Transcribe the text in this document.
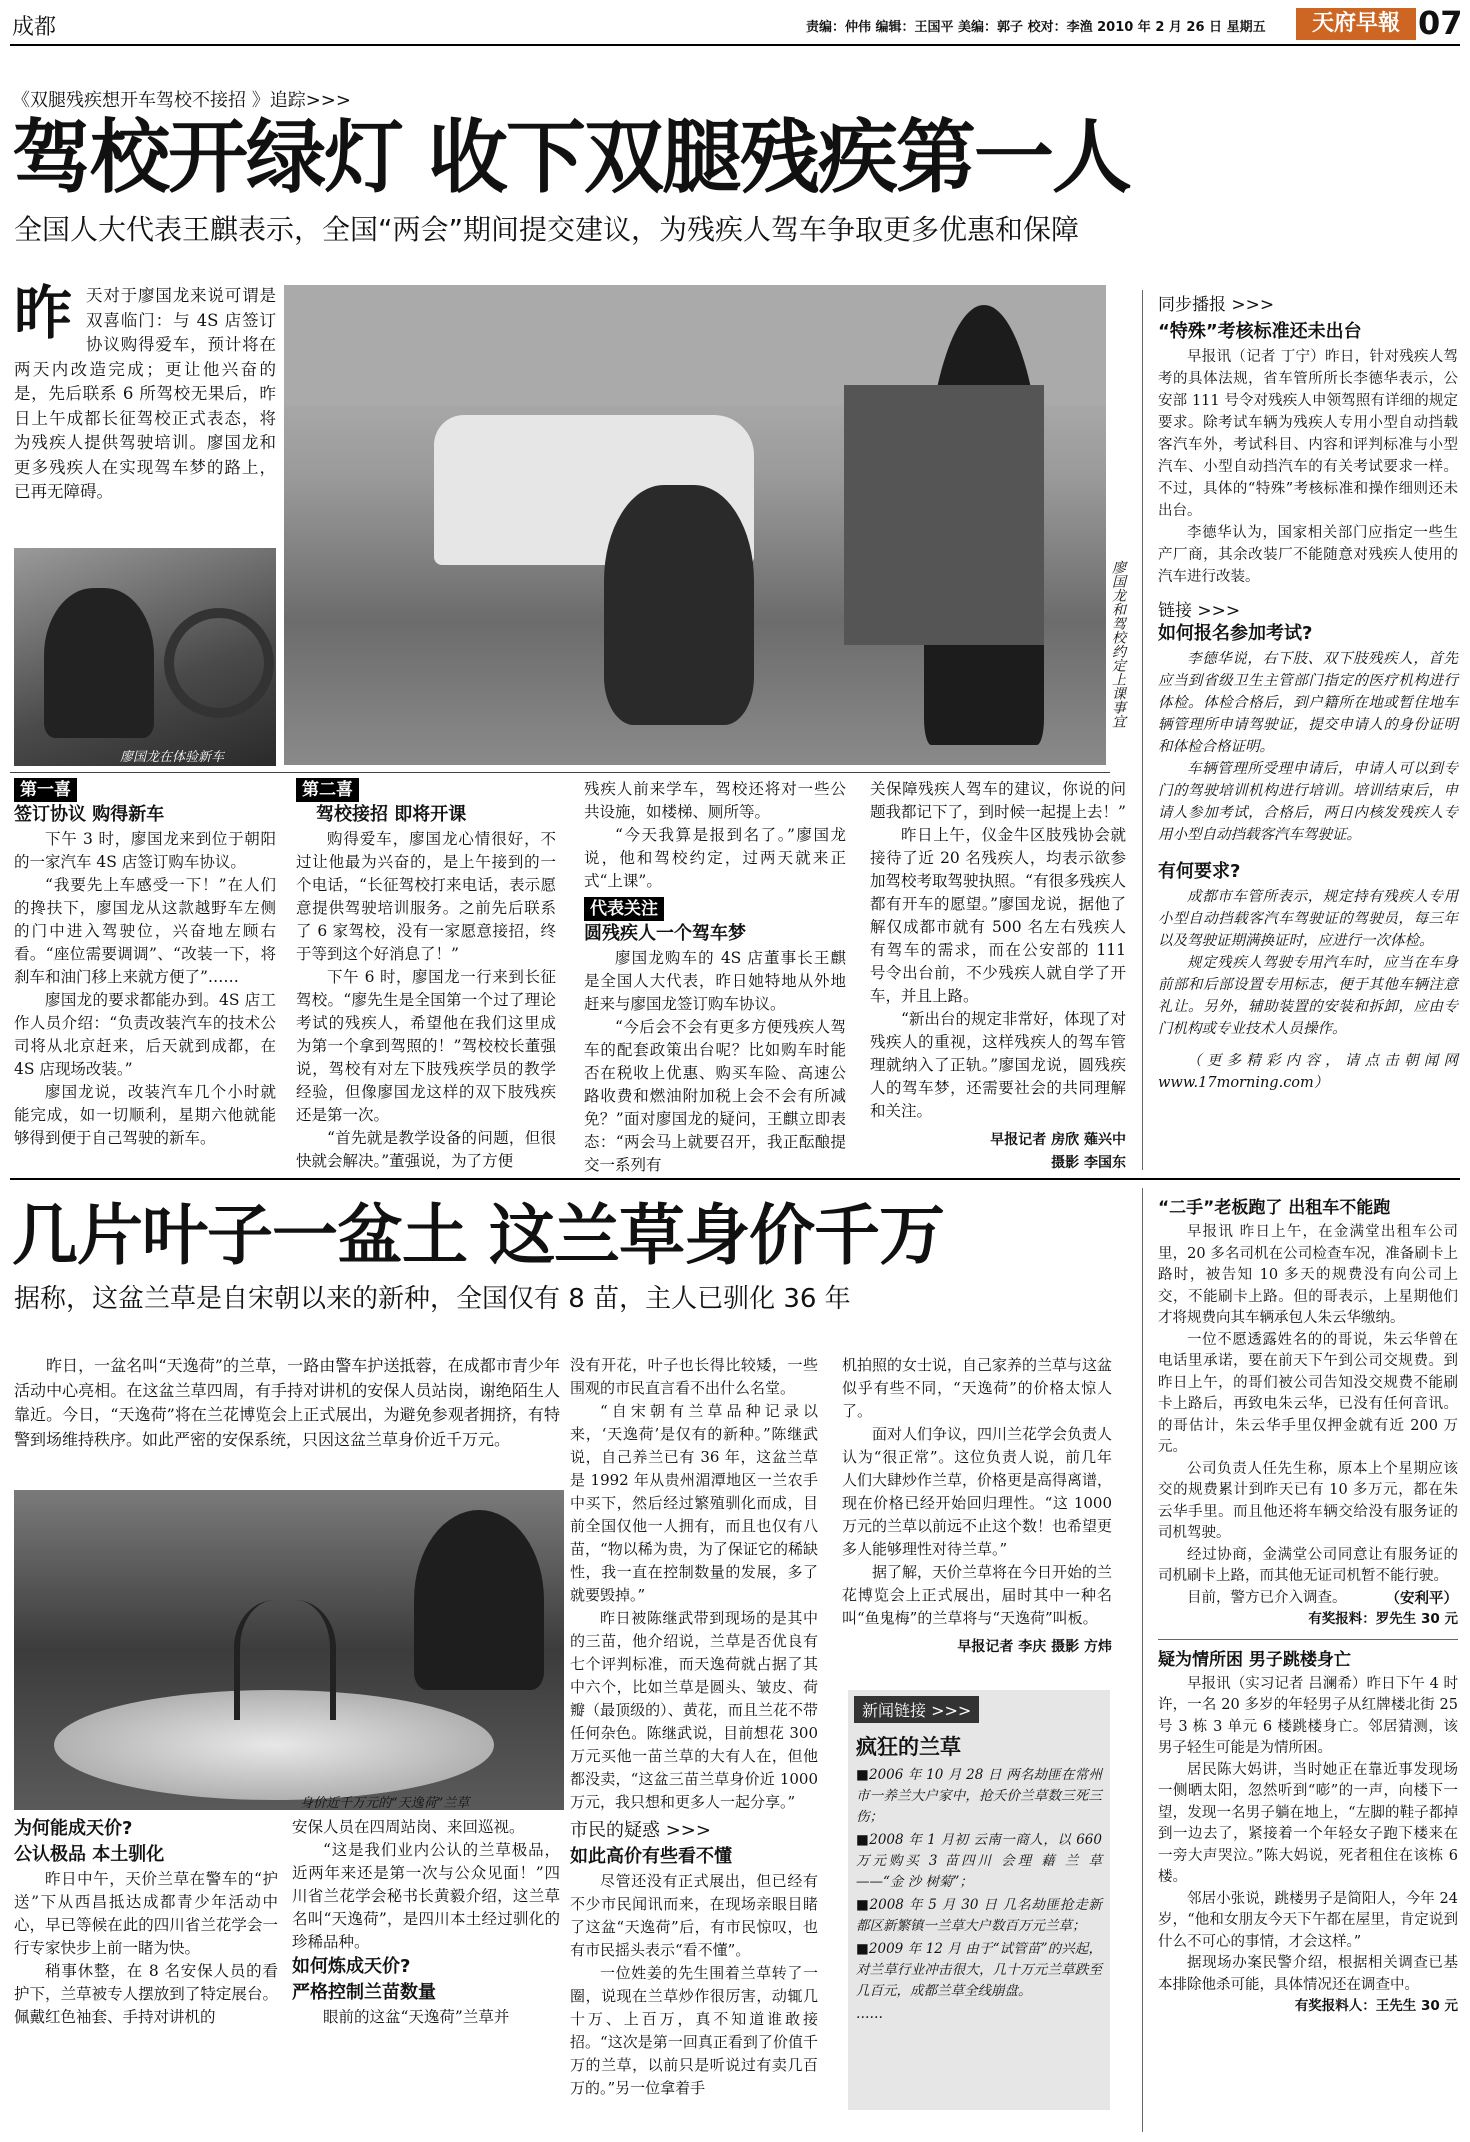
成都	责编：仲伟 编辑：王国平 美编：郭子 校对：李渔 2010 年 2 月 26 日 星期五	天府早報 07
《双腿残疾想开车驾校不接招 》追踪>>>
驾校开绿灯 收下双腿残疾第一人
全国人大代表王麒表示，全国“两会”期间提交建议，为残疾人驾车争取更多优惠和保障
昨 天对于廖国龙来说可谓是双喜临门：与 4S 店签订协议购得爱车，预计将在两天内改造完成；更让他兴奋的是，先后联系 6 所驾校无果后，昨日上午成都长征驾校正式表态，将为残疾人提供驾驶培训。廖国龙和更多残疾人在实现驾车梦的路上，已再无障碍。
廖国龙在体验新车
廖国龙和驾校约定上课事宜
第一喜
签订协议 购得新车

下午 3 时，廖国龙来到位于朝阳的一家汽车 4S 店签订购车协议。

“我要先上车感受一下！”在人们的搀扶下，廖国龙从这款越野车左侧的门中进入驾驶位，兴奋地左顾右看。“座位需要调调”、“改装一下，将刹车和油门移上来就方便了”……

廖国龙的要求都能办到。4S 店工作人员介绍：“负责改装汽车的技术公司将从北京赶来，后天就到成都，在 4S 店现场改装。”

廖国龙说，改装汽车几个小时就能完成，如一切顺利，星期六他就能够得到便于自己驾驶的新车。

第二喜
驾校接招 即将开课

购得爱车，廖国龙心情很好，不过让他最为兴奋的，是上午接到的一个电话，“长征驾校打来电话，表示愿意提供驾驶培训服务。之前先后联系了 6 家驾校，没有一家愿意接招，终于等到这个好消息了！”

下午 6 时，廖国龙一行来到长征驾校。“廖先生是全国第一个过了理论考试的残疾人，希望他在我们这里成为第一个拿到驾照的！”驾校校长董强说，驾校有对左下肢残疾学员的教学经验，但像廖国龙这样的双下肢残疾还是第一次。

“首先就是教学设备的问题，但很快就会解决。”董强说，为了方便

残疾人前来学车，驾校还将对一些公共设施，如楼梯、厕所等。

“今天我算是报到名了。”廖国龙说，他和驾校约定，过两天就来正式“上课”。

代表关注
圆残疾人一个驾车梦

廖国龙购车的 4S 店董事长王麒是全国人大代表，昨日她特地从外地赶来与廖国龙签订购车协议。

“今后会不会有更多方便残疾人驾车的配套政策出台呢？比如购车时能否在税收上优惠、购买车险、高速公路收费和燃油附加税上会不会有所减免？”面对廖国龙的疑问，王麒立即表态：“两会马上就要召开，我正酝酿提交一系列有

关保障残疾人驾车的建议，你说的问题我都记下了，到时候一起提上去！”

昨日上午，仪金牛区肢残协会就接待了近 20 名残疾人，均表示欲参加驾校考取驾驶执照。“有很多残疾人都有开车的愿望。”廖国龙说，据他了解仅成都市就有 500 名左右残疾人有驾车的需求，而在公安部的 111 号令出台前，不少残疾人就自学了开车，并且上路。

“新出台的规定非常好，体现了对残疾人的重视，这样残疾人的驾车管理就纳入了正轨。”廖国龙说，圆残疾人的驾车梦，还需要社会的共同理解和关注。

早报记者 房欣 薙兴中
摄影 李国东
同步播报 >>>
“特殊”考核标准还未出台

早报讯（记者 丁宁）昨日，针对残疾人驾考的具体法规，省车管所所长李德华表示，公安部 111 号令对残疾人申领驾照有详细的规定要求。除考试车辆为残疾人专用小型自动挡载客汽车外，考试科目、内容和评判标准与小型汽车、小型自动挡汽车的有关考试要求一样。不过，具体的“特殊”考核标准和操作细则还未出台。

李德华认为，国家相关部门应指定一些生产厂商，其余改装厂不能随意对残疾人使用的汽车进行改装。

链接 >>>
如何报名参加考试?

李德华说，右下肢、双下肢残疾人，首先应当到省级卫生主管部门指定的医疗机构进行体检。体检合格后，到户籍所在地或暂住地车辆管理所申请驾驶证，提交申请人的身份证明和体检合格证明。

车辆管理所受理申请后，申请人可以到专门的驾驶培训机构进行培训。培训结束后，申请人参加考试，合格后，两日内核发残疾人专用小型自动挡载客汽车驾驶证。

有何要求?

成都市车管所表示，规定持有残疾人专用小型自动挡载客汽车驾驶证的驾驶员，每三年以及驾驶证期满换证时，应进行一次体检。

规定残疾人驾驶专用汽车时，应当在车身前部和后部设置专用标志，便于其他车辆注意礼让。另外，辅助装置的安装和拆卸，应由专门机构或专业技术人员操作。

（更多精彩内容，请点击朝闻网 www.17morning.com）

几片叶子一盆土 这兰草身价千万
据称，这盆兰草是自宋朝以来的新种，全国仅有 8 苗，主人已驯化 36 年

昨日，一盆名叫“天逸荷”的兰草，一路由警车护送抵蓉，在成都市青少年活动中心亮相。在这盆兰草四周，有手持对讲机的安保人员站岗，谢绝陌生人靠近。今日，“天逸荷”将在兰花博览会上正式展出，为避免参观者拥挤，有特警到场维持秩序。如此严密的安保系统，只因这盆兰草身价近千万元。

身价近千万元的“天逸荷”兰草
为何能成天价?
公认极品 本土驯化

昨日中午，天价兰草在警车的“护送”下从西昌抵达成都青少年活动中心，早已等候在此的四川省兰花学会一行专家快步上前一睹为快。

稍事休整，在 8 名安保人员的看护下，兰草被专人摆放到了特定展台。佩戴红色袖套、手持对讲机的

安保人员在四周站岗、来回巡视。

“这是我们业内公认的兰草极品，近两年来还是第一次与公众见面！”四川省兰花学会秘书长黄毅介绍，这兰草名叫“天逸荷”，是四川本土经过驯化的珍稀品种。

如何炼成天价?
严格控制兰苗数量

眼前的这盆“天逸荷”兰草并

没有开花，叶子也长得比较矮，一些围观的市民直言看不出什么名堂。

“自宋朝有兰草品种记录以来，‘天逸荷’是仅有的新种。”陈继武说，自己养兰已有 36 年，这盆兰草是 1992 年从贵州湄潭地区一兰农手中买下，然后经过繁殖驯化而成，目前全国仅他一人拥有，而且也仅有八苗，“物以稀为贵，为了保证它的稀缺性，我一直在控制数量的发展，多了就要毁掉。”

昨日被陈继武带到现场的是其中的三苗，他介绍说，兰草是否优良有七个评判标准，而天逸荷就占据了其中六个，比如兰草是圆头、皱皮、荷瓣（最顶级的）、黄花，而且兰花不带任何杂色。陈继武说，目前想花 300 万元买他一苗兰草的大有人在，但他都没卖，“这盆三苗兰草身价近 1000 万元，我只想和更多人一起分享。”

市民的疑惑 >>>
如此高价有些看不懂

尽管还没有正式展出，但已经有不少市民闻讯而来，在现场亲眼目睹了这盆“天逸荷”后，有市民惊叹，也有市民摇头表示“看不懂”。

一位姓姜的先生围着兰草转了一圈，说现在兰草炒作很厉害，动辄几十万、上百万，真不知道谁敢接招。“这次是第一回真正看到了价值千万的兰草，以前只是听说过有卖几百万的。”另一位拿着手

机拍照的女士说，自己家养的兰草与这盆似乎有些不同，“天逸荷”的价格太惊人了。

面对人们争议，四川兰花学会负责人认为“很正常”。这位负责人说，前几年人们大肆炒作兰草，价格更是高得离谱，现在价格已经开始回归理性。“这 1000 万元的兰草以前远不止这个数！也希望更多人能够理性对待兰草。”

据了解，天价兰草将在今日开始的兰花博览会上正式展出，届时其中一种名叫“鱼鬼梅”的兰草将与“天逸荷”叫板。

早报记者 李庆 摄影 方炜
新闻链接 >>>
疯狂的兰草
■2006 年 10 月 28 日 两名劫匪在常州市一养兰大户家中，抢夭价兰草数三死三伤；
■2008 年 1 月初 云南一商人，以 660 万元购买 3 苗四川 会理 藉 兰 草 ——“金 沙 树菊”；
■2008 年 5 月 30 日 几名劫匪抢走新都区新繁镇一兰草大户数百万元兰草；
■2009 年 12 月 由于“试管苗”的兴起，对兰草行业冲击很大，几十万元兰草跌至几百元，成都兰草全线崩盘。
……
“二手”老板跑了 出租车不能跑

早报讯 昨日上午，在金满堂出租车公司里，20 多名司机在公司检查车况，准备刷卡上路时，被告知 10 多天的规费没有向公司上交，不能刷卡上路。但的哥表示，上星期他们才将规费向其车辆承包人朱云华缴纳。

一位不愿透露姓名的的哥说，朱云华曾在电话里承诺，要在前天下午到公司交规费。到昨日上午，的哥们被公司告知没交规费不能刷卡上路后，再致电朱云华，已没有任何音讯。的哥估计，朱云华手里仅押金就有近 200 万元。

公司负责人任先生称，原本上个星期应该交的规费累计到昨天已有 10 多万元，都在朱云华手里。而且他还将车辆交给没有服务证的司机驾驶。

经过协商，金满堂公司同意让有服务证的司机刷卡上路，而其他无证司机暂不能行驶。

目前，警方已介入调查。	（安利平）

有奖报料：罗先生 30 元
疑为情所困 男子跳楼身亡

早报讯（实习记者 吕澜希）昨日下午 4 时许，一名 20 多岁的年轻男子从红牌楼北街 25 号 3 栋 3 单元 6 楼跳楼身亡。邻居猜测，该男子轻生可能是为情所困。

居民陈大妈讲，当时她正在靠近事发现场一侧晒太阳，忽然听到“嘭”的一声，向楼下一望，发现一名男子躺在地上，“左脚的鞋子都掉到一边去了，紧接着一个年轻女子跑下楼来在一旁大声哭泣。”陈大妈说，死者租住在该栋 6 楼。

邻居小张说，跳楼男子是简阳人，今年 24岁，“他和女朋友今天下午都在屋里，肯定说到什么不可心的事情，才会这样。”

据现场办案民警介绍，根据相关调查已基本排除他杀可能，具体情况还在调查中。

有奖报料人：王先生 30 元
